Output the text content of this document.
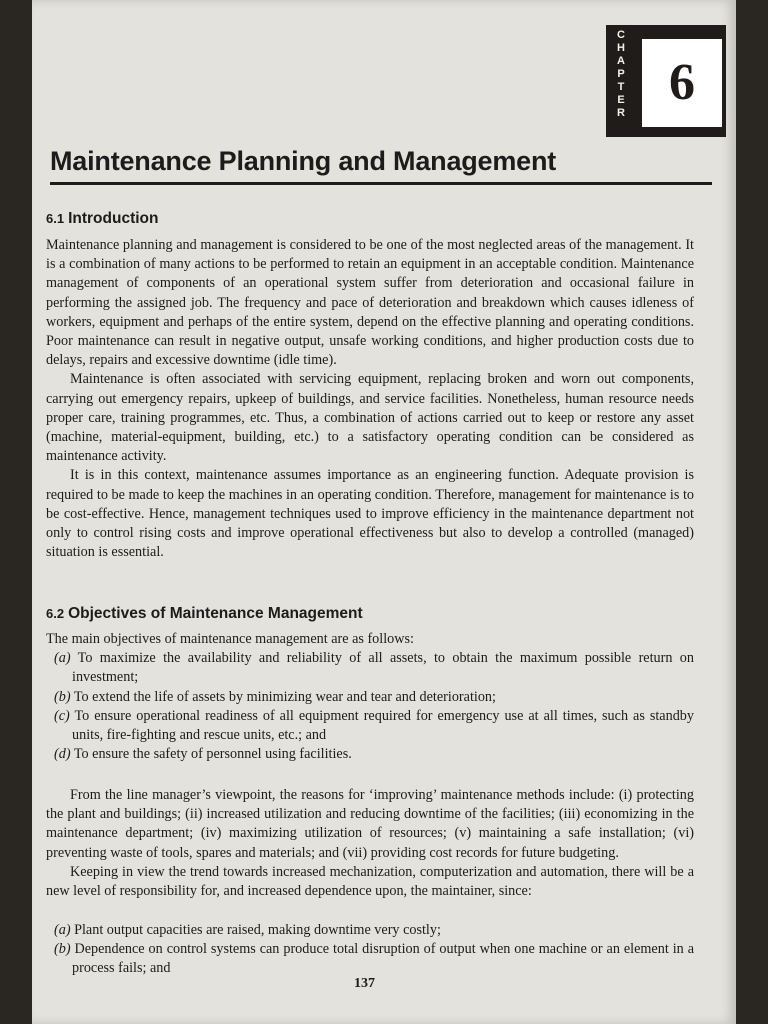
C
H
A
P
T
E
R
6
Maintenance Planning and Management
6.1 Introduction

Maintenance planning and management is considered to be one of the most neglected areas of the management. It is a combination of many actions to be performed to retain an equipment in an acceptable condition. Maintenance management of components of an operational system suffer from deterioration and occasional failure in performing the assigned job. The frequency and pace of deterioration and breakdown which causes idleness of workers, equipment and perhaps of the entire system, depend on the effective planning and operating conditions. Poor maintenance can result in negative output, unsafe working conditions, and higher production costs due to delays, repairs and excessive downtime (idle time).

Maintenance is often associated with servicing equipment, replacing broken and worn out components, carrying out emergency repairs, upkeep of buildings, and service facilities. Nonetheless, human resource needs proper care, training programmes, etc. Thus, a combination of actions carried out to keep or restore any asset (machine, material-equipment, building, etc.) to a satisfactory operating condition can be considered as maintenance activity.

It is in this context, maintenance assumes importance as an engineering function. Adequate provision is required to be made to keep the machines in an operating condition. Therefore, management for maintenance is to be cost-effective. Hence, management techniques used to improve efficiency in the maintenance department not only to control rising costs and improve operational effectiveness but also to develop a controlled (managed) situation is essential.

6.2 Objectives of Maintenance Management
The main objectives of maintenance management are as follows:
(a) To maximize the availability and reliability of all assets, to obtain the maximum possible return on investment;
(b) To extend the life of assets by minimizing wear and tear and deterioration;
(c) To ensure operational readiness of all equipment required for emergency use at all times, such as standby units, fire-fighting and rescue units, etc.; and
(d) To ensure the safety of personnel using facilities.

From the line manager’s viewpoint, the reasons for ‘improving’ maintenance methods include: (i) protecting the plant and buildings; (ii) increased utilization and reducing downtime of the facilities; (iii) economizing in the maintenance department; (iv) maximizing utilization of resources; (v) maintaining a safe installation; (vi) preventing waste of tools, spares and materials; and (vii) providing cost records for future budgeting.

Keeping in view the trend towards increased mechanization, computerization and automation, there will be a new level of responsibility for, and increased dependence upon, the maintainer, since:

(a) Plant output capacities are raised, making downtime very costly;
(b) Dependence on control systems can produce total disruption of output when one machine or an element in a process fails; and
137
